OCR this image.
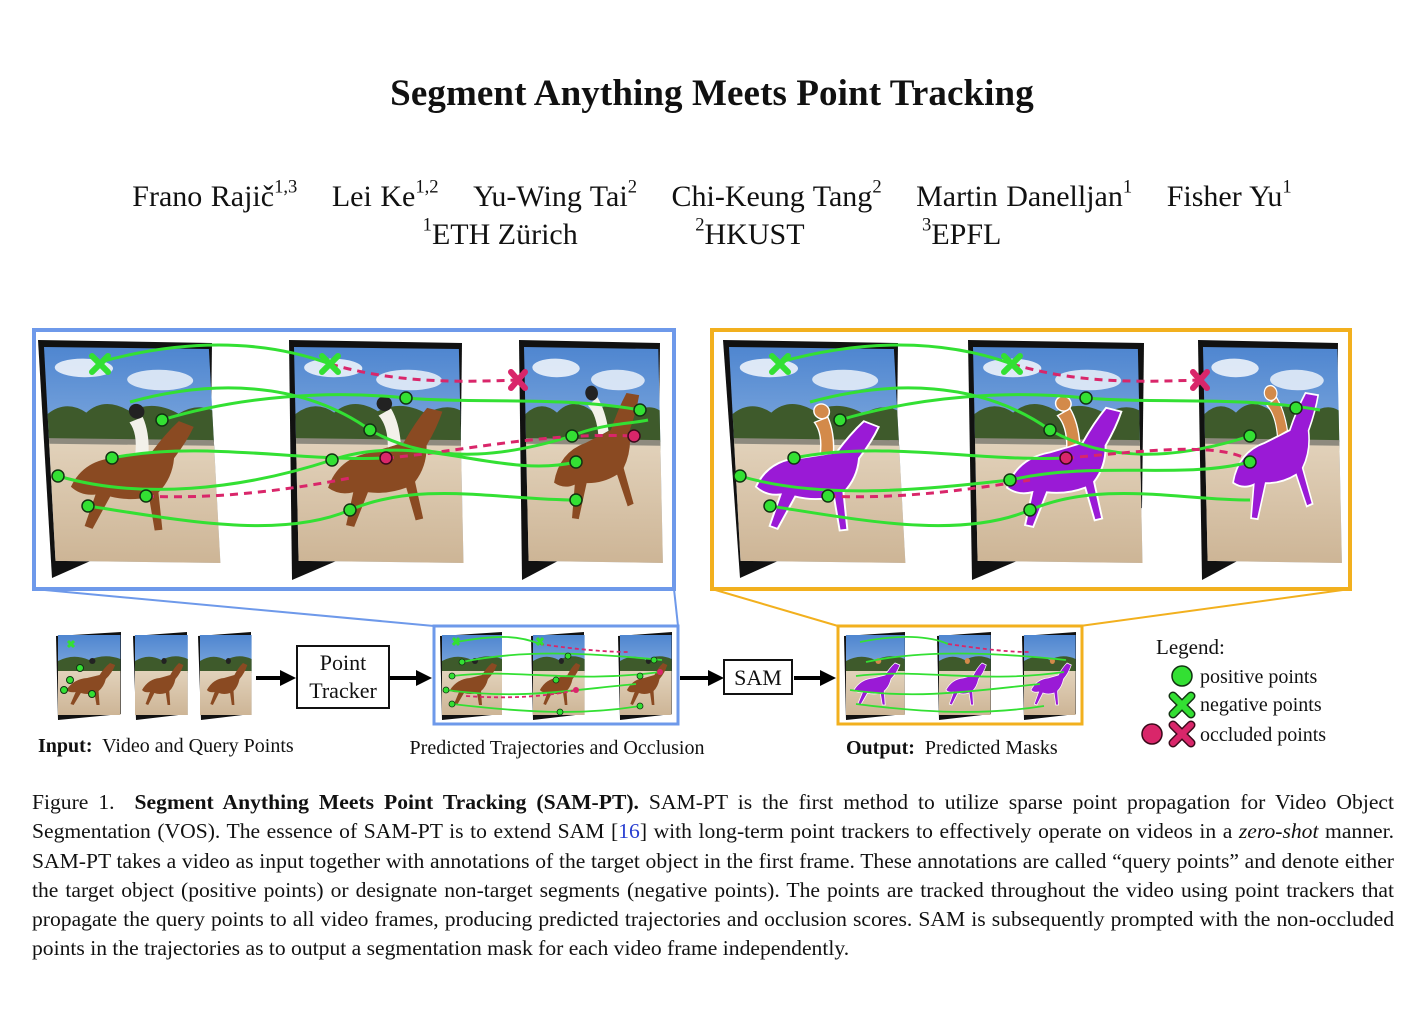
Segment Anything Meets Point Tracking
Frano Rajič$^{1,3}$ Lei Ke$^{1,2}$ Yu-Wing Tai$^2$ Chi-Keung Tang$^2$ Martin Danelljan$^1$ Fisher Yu$^1$
$^1$ETH Zürich	$^2$HKUST	$^3$EPFL
Point
Tracker
SAM
Input: Video and Query Points	Predicted Trajectories and Occlusion	Output: Predicted Masks
Legend:
positive points
negative points
occluded points
Figure 1. Segment Anything Meets Point Tracking (SAM-PT). SAM-PT is the first method to utilize sparse point propagation for Video Object Segmentation (VOS). The essence of SAM-PT is to extend SAM [16] with long-term point trackers to effectively operate on videos in a zero-shot manner. SAM-PT takes a video as input together with annotations of the target object in the first frame. These annotations are called “query points” and denote either the target object (positive points) or designate non-target segments (negative points). The points are tracked throughout the video using point trackers that propagate the query points to all video frames, producing predicted trajectories and occlusion scores. SAM is subsequently prompted with the non-occluded points in the trajectories as to output a segmentation mask for each video frame independently.
